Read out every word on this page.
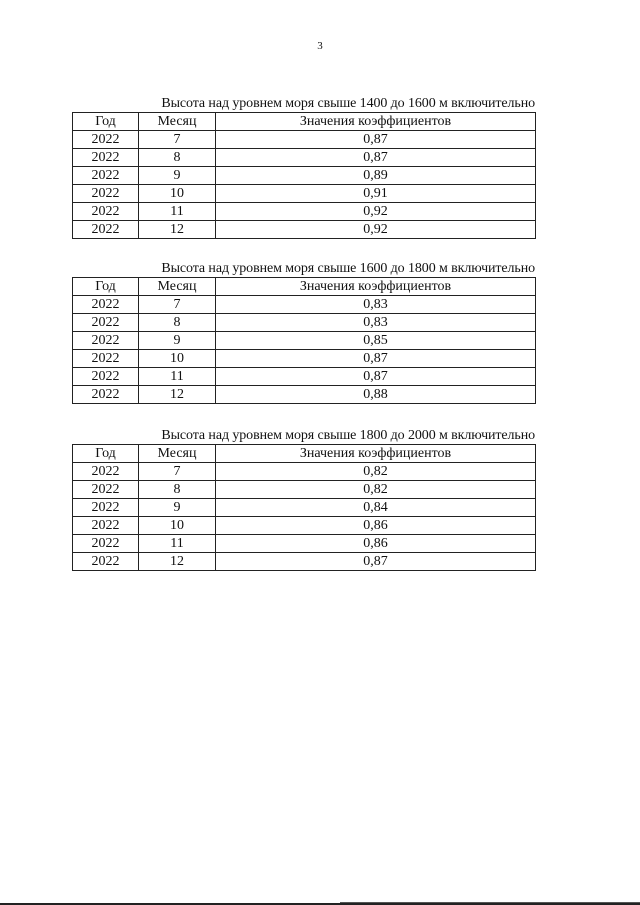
3
Высота над уровнем моря свыше 1400 до 1600 м включительно
Год	Месяц	Значения коэффициентов
2022	7	0,87
2022	8	0,87
2022	9	0,89
2022	10	0,91
2022	11	0,92
2022	12	0,92
Высота над уровнем моря свыше 1600 до 1800 м включительно
Год	Месяц	Значения коэффициентов
2022	7	0,83
2022	8	0,83
2022	9	0,85
2022	10	0,87
2022	11	0,87
2022	12	0,88
Высота над уровнем моря свыше 1800 до 2000 м включительно
Год	Месяц	Значения коэффициентов
2022	7	0,82
2022	8	0,82
2022	9	0,84
2022	10	0,86
2022	11	0,86
2022	12	0,87
